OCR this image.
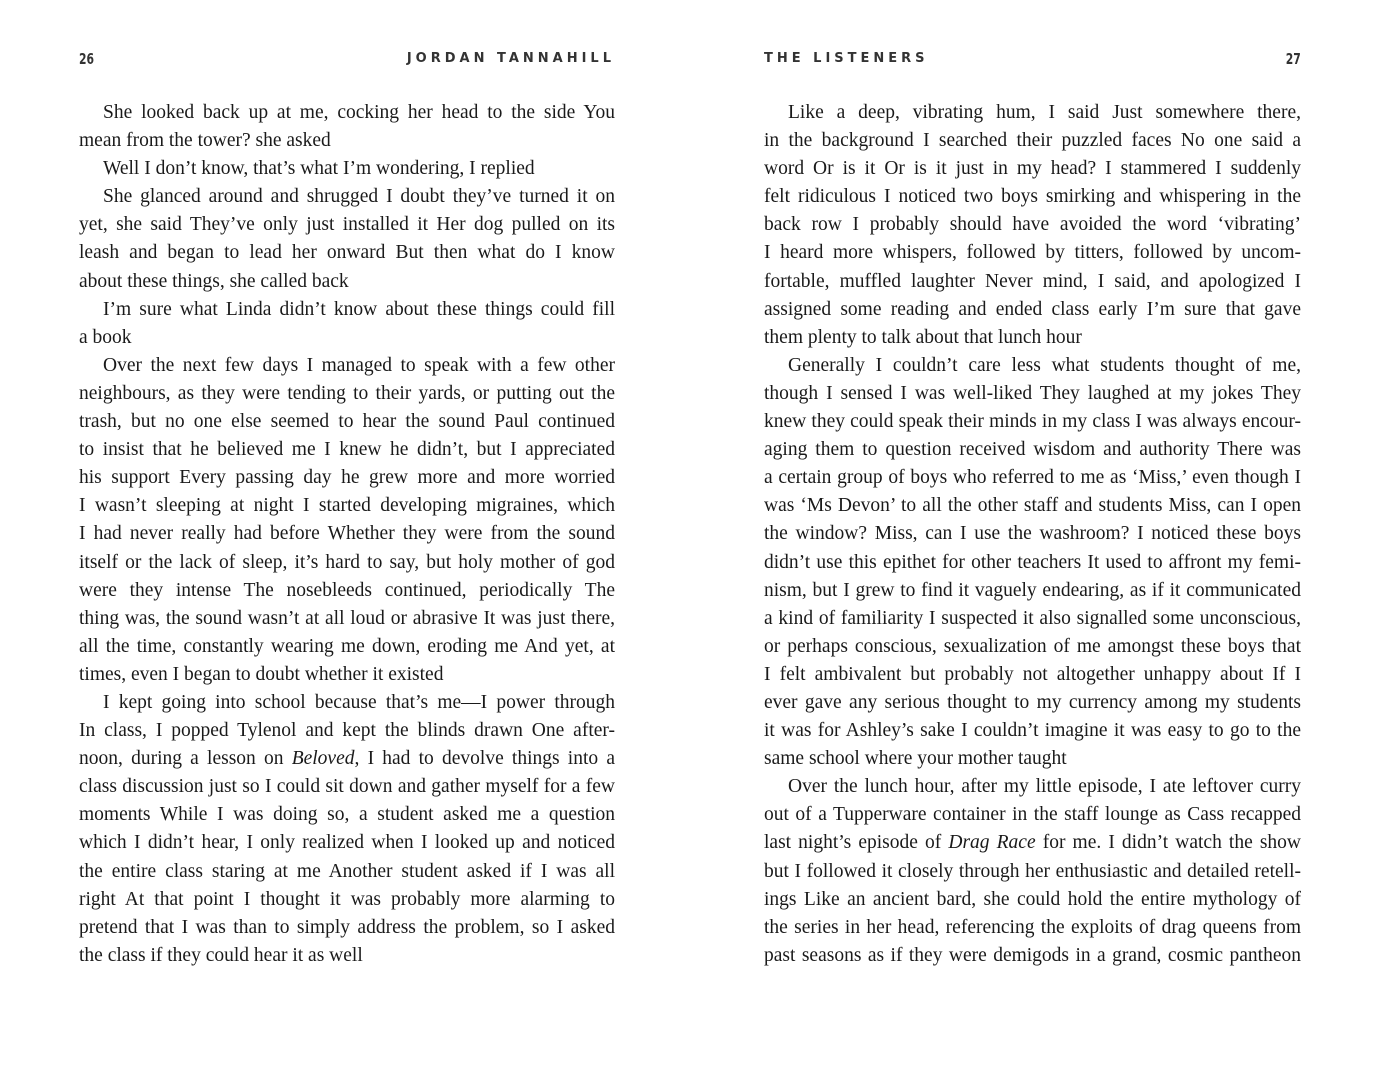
26	JORDAN TANNAHILL
She looked back up at me, cocking her head to the side You
mean from the tower? she asked
Well I don’t know, that’s what I’m wondering, I replied
She glanced around and shrugged I doubt they’ve turned it on
yet, she said They’ve only just installed it Her dog pulled on its
leash and began to lead her onward But then what do I know
about these things, she called back
I’m sure what Linda didn’t know about these things could fill
a book
Over the next few days I managed to speak with a few other
neighbours, as they were tending to their yards, or putting out the
trash, but no one else seemed to hear the sound Paul continued
to insist that he believed me I knew he didn’t, but I appreciated
his support Every passing day he grew more and more worried
I wasn’t sleeping at night I started developing migraines, which
I had never really had before Whether they were from the sound
itself or the lack of sleep, it’s hard to say, but holy mother of god
were they intense The nosebleeds continued, periodically The
thing was, the sound wasn’t at all loud or abrasive It was just there,
all the time, constantly wearing me down, eroding me And yet, at
times, even I began to doubt whether it existed
I kept going into school because that’s me—I power through
In class, I popped Tylenol and kept the blinds drawn One after-
noon, during a lesson on Beloved, I had to devolve things into a
class discussion just so I could sit down and gather myself for a few
moments While I was doing so, a student asked me a question
which I didn’t hear, I only realized when I looked up and noticed
the entire class staring at me Another student asked if I was all
right At that point I thought it was probably more alarming to
pretend that I was than to simply address the problem, so I asked
the class if they could hear it as well
THE LISTENERS	27
Like a deep, vibrating hum, I said Just somewhere there,
in the background I searched their puzzled faces No one said a
word Or is it Or is it just in my head? I stammered I suddenly
felt ridiculous I noticed two boys smirking and whispering in the
back row I probably should have avoided the word ‘vibrating’
I heard more whispers, followed by titters, followed by uncom-
fortable, muffled laughter Never mind, I said, and apologized I
assigned some reading and ended class early I’m sure that gave
them plenty to talk about that lunch hour
Generally I couldn’t care less what students thought of me,
though I sensed I was well-liked They laughed at my jokes They
knew they could speak their minds in my class I was always encour-
aging them to question received wisdom and authority There was
a certain group of boys who referred to me as ‘Miss,’ even though I
was ‘Ms Devon’ to all the other staff and students Miss, can I open
the window? Miss, can I use the washroom? I noticed these boys
didn’t use this epithet for other teachers It used to affront my femi-
nism, but I grew to find it vaguely endearing, as if it communicated
a kind of familiarity I suspected it also signalled some unconscious,
or perhaps conscious, sexualization of me amongst these boys that
I felt ambivalent but probably not altogether unhappy about If I
ever gave any serious thought to my currency among my students
it was for Ashley’s sake I couldn’t imagine it was easy to go to the
same school where your mother taught
Over the lunch hour, after my little episode, I ate leftover curry
out of a Tupperware container in the staff lounge as Cass recapped
last night’s episode of Drag Race for me. I didn’t watch the show
but I followed it closely through her enthusiastic and detailed retell-
ings Like an ancient bard, she could hold the entire mythology of
the series in her head, referencing the exploits of drag queens from
past seasons as if they were demigods in a grand, cosmic pantheon
